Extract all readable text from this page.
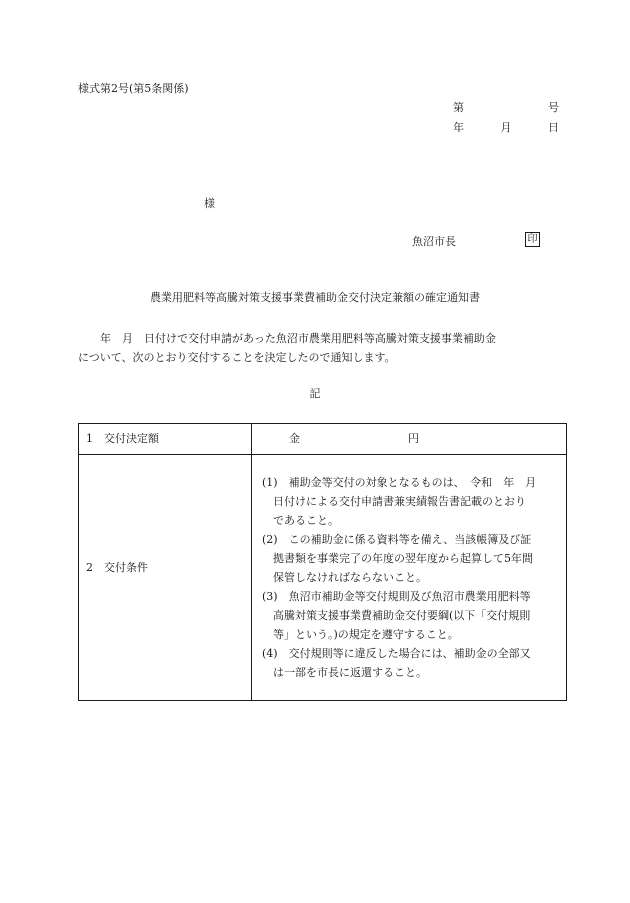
様式第2号(第5条関係)
第	号
年	月	日
様
魚沼市長	印
農業用肥料等高騰対策支援事業費補助金交付決定兼額の確定通知書
　　年　月　日付けで交付申請があった魚沼市農業用肥料等高騰対策支援事業補助金
について、次のとおり交付することを決定したので通知します。
記
1　交付決定額	金	円
2　交付条件
(1)　補助金等交付の対象となるものは、　令和　年　月
　日付けによる交付申請書兼実績報告書記載のとおり
　であること。
(2)　この補助金に係る資料等を備え、当該帳簿及び証
　拠書類を事業完了の年度の翌年度から起算して5年間
　保管しなければならないこと。
(3)　魚沼市補助金等交付規則及び魚沼市農業用肥料等
　高騰対策支援事業費補助金交付要綱(以下「交付規則
　等」という。)の規定を遵守すること。
(4)　交付規則等に違反した場合には、補助金の全部又
　は一部を市長に返還すること。
